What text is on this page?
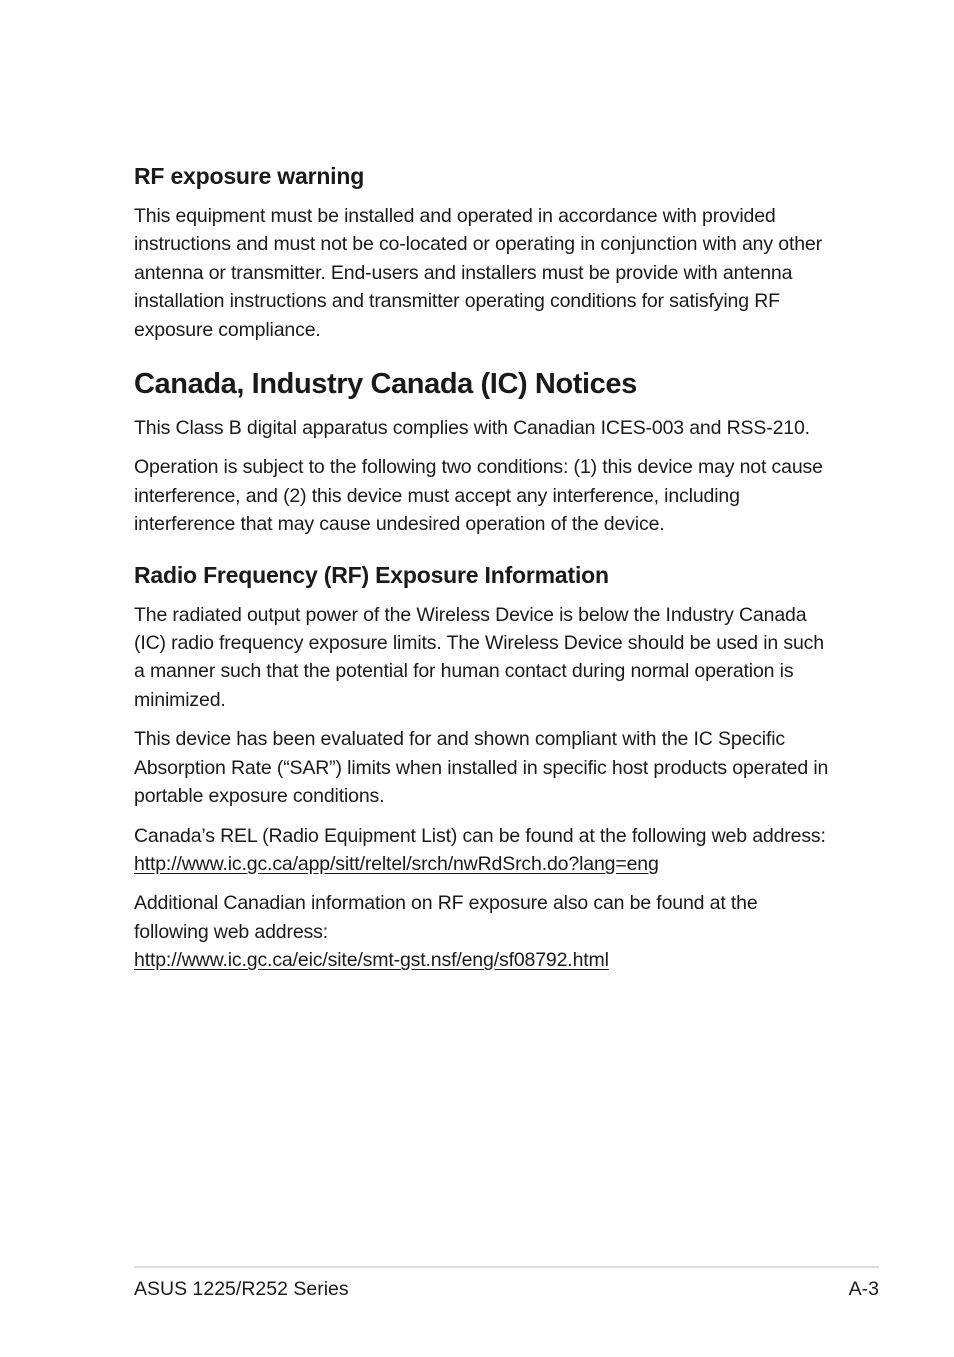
RF exposure warning

This equipment must be installed and operated in accordance with provided instructions and must not be co-located or operating in conjunction with any other antenna or transmitter. End-users and installers must be provide with antenna installation instructions and transmitter operating conditions for satisfying RF exposure compliance.

Canada, Industry Canada (IC) Notices

This Class B digital apparatus complies with Canadian ICES-003 and RSS-210.

Operation is subject to the following two conditions: (1) this device may not cause interference, and (2) this device must accept any interference, including interference that may cause undesired operation of the device.

Radio Frequency (RF) Exposure Information

The radiated output power of the Wireless Device is below the Industry Canada (IC) radio frequency exposure limits. The Wireless Device should be used in such a manner such that the potential for human contact during normal operation is minimized.

This device has been evaluated for and shown compliant with the IC Specific Absorption Rate (“SAR”) limits when installed in specific host products operated in portable exposure conditions.

Canada’s REL (Radio Equipment List) can be found at the following web address: http://www.ic.gc.ca/app/sitt/reltel/srch/nwRdSrch.do?lang=eng

Additional Canadian information on RF exposure also can be found at the following web address:
http://www.ic.gc.ca/eic/site/smt-gst.nsf/eng/sf08792.html

ASUS 1225/R252 Series	A-3
